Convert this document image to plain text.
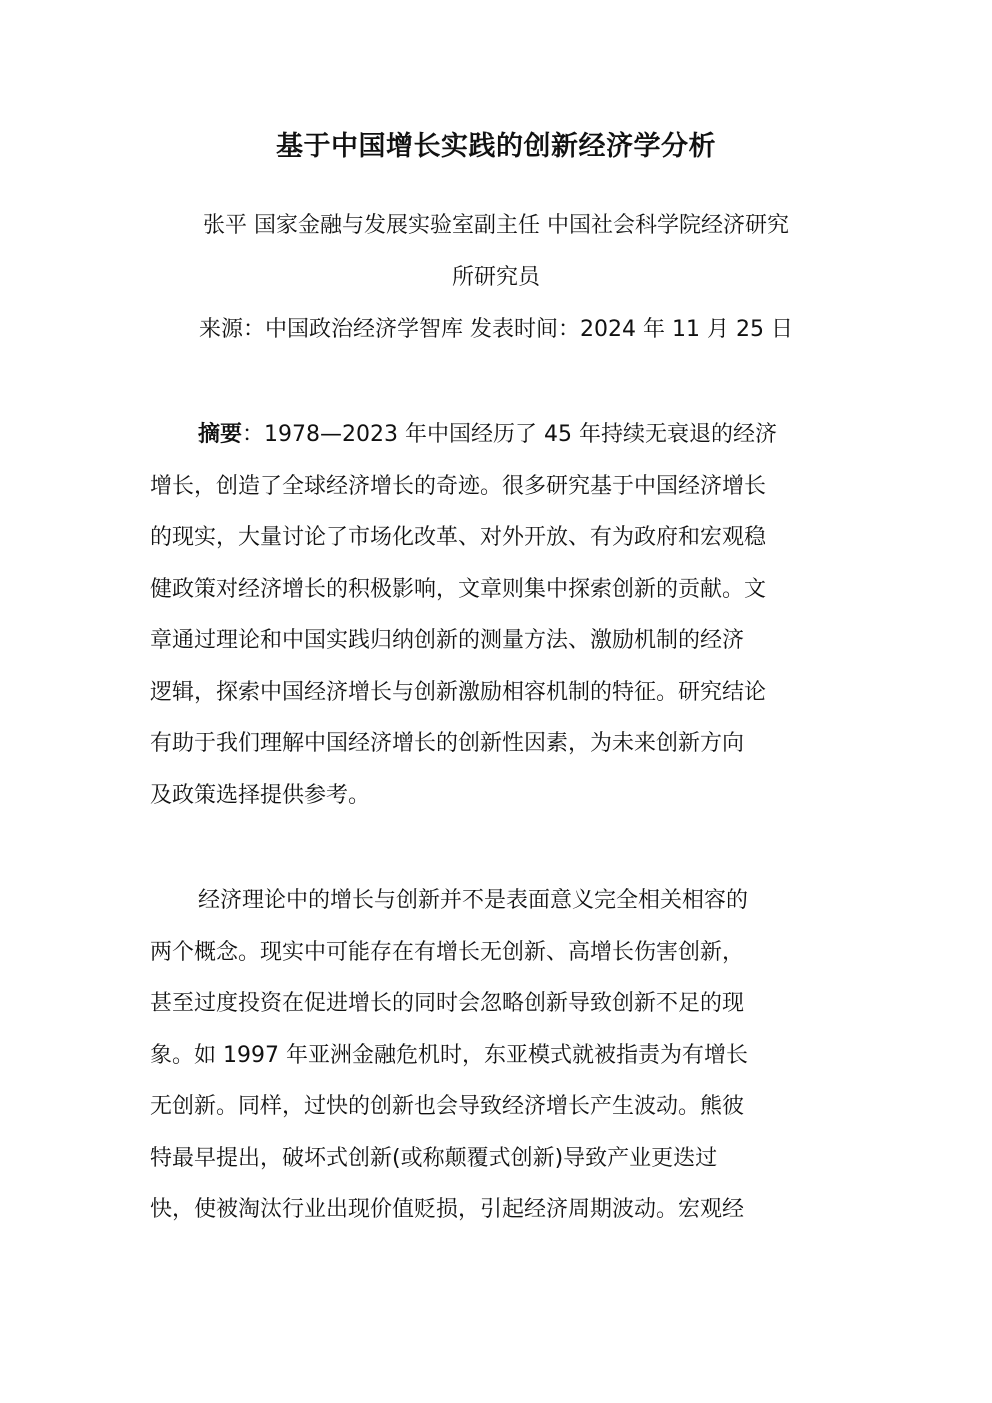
基于中国增长实践的创新经济学分析
张平 国家金融与发展实验室副主任 中国社会科学院经济研究
所研究员
来源：中国政治经济学智库 发表时间：2024 年 11 月 25 日
摘要：1978—2023 年中国经历了 45 年持续无衰退的经济
增长，创造了全球经济增长的奇迹。很多研究基于中国经济增长
的现实，大量讨论了市场化改革、对外开放、有为政府和宏观稳
健政策对经济增长的积极影响，文章则集中探索创新的贡献。文
章通过理论和中国实践归纳创新的测量方法、激励机制的经济
逻辑，探索中国经济增长与创新激励相容机制的特征。研究结论
有助于我们理解中国经济增长的创新性因素，为未来创新方向
及政策选择提供参考。
经济理论中的增长与创新并不是表面意义完全相关相容的
两个概念。现实中可能存在有增长无创新、高增长伤害创新，
甚至过度投资在促进增长的同时会忽略创新导致创新不足的现
象。如 1997 年亚洲金融危机时，东亚模式就被指责为有增长
无创新。同样，过快的创新也会导致经济增长产生波动。熊彼
特最早提出，破坏式创新(或称颠覆式创新)导致产业更迭过
快，使被淘汰行业出现价值贬损，引起经济周期波动。宏观经
